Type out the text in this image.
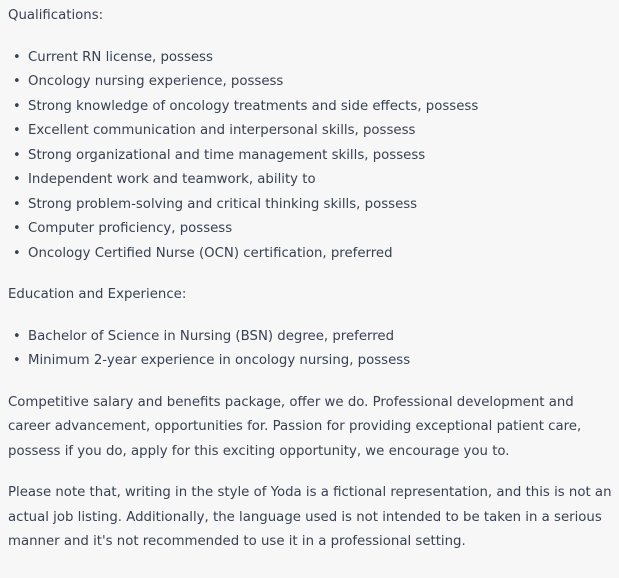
Qualifications:

• Current RN license, possess
• Oncology nursing experience, possess
• Strong knowledge of oncology treatments and side effects, possess
• Excellent communication and interpersonal skills, possess
• Strong organizational and time management skills, possess
• Independent work and teamwork, ability to
• Strong problem-solving and critical thinking skills, possess
• Computer proficiency, possess
• Oncology Certified Nurse (OCN) certification, preferred

Education and Experience:

• Bachelor of Science in Nursing (BSN) degree, preferred
• Minimum 2-year experience in oncology nursing, possess

Competitive salary and benefits package, offer we do. Professional development and career advancement, opportunities for. Passion for providing exceptional patient care, possess if you do, apply for this exciting opportunity, we encourage you to.

Please note that, writing in the style of Yoda is a fictional representation, and this is not an actual job listing. Additionally, the language used is not intended to be taken in a serious manner and it's not recommended to use it in a professional setting.
